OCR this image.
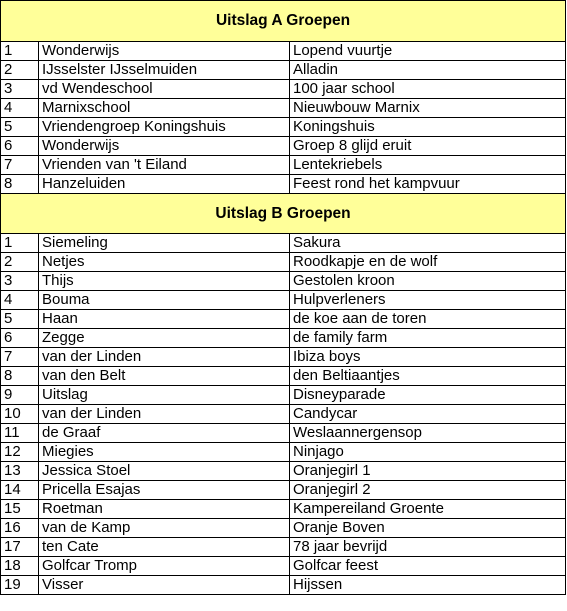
Uitslag A Groepen		
1	Wonderwijs	Lopend vuurtje
2	IJsselster IJsselmuiden	Alladin
3	vd Wendeschool	100 jaar school
4	Marnixschool	Nieuwbouw Marnix
5	Vriendengroep Koningshuis	Koningshuis
6	Wonderwijs	Groep 8 glijd eruit
7	Vrienden van 't Eiland	Lentekriebels
8	Hanzeluiden	Feest rond het kampvuur
Uitslag B Groepen		
1	Siemeling	Sakura
2	Netjes	Roodkapje en de wolf
3	Thijs	Gestolen kroon
4	Bouma	Hulpverleners
5	Haan	de koe aan de toren
6	Zegge	de family farm
7	van der Linden	Ibiza boys
8	van den Belt	den Beltiaantjes
9	Uitslag	Disneyparade
10	van der Linden	Candycar
11	de Graaf	Weslaannergensop
12	Miegies	Ninjago
13	Jessica Stoel	Oranjegirl 1
14	Pricella Esajas	Oranjegirl 2
15	Roetman	Kampereiland Groente
16	van de Kamp	Oranje Boven
17	ten Cate	78 jaar bevrijd
18	Golfcar Tromp	Golfcar feest
19	Visser	Hijssen
